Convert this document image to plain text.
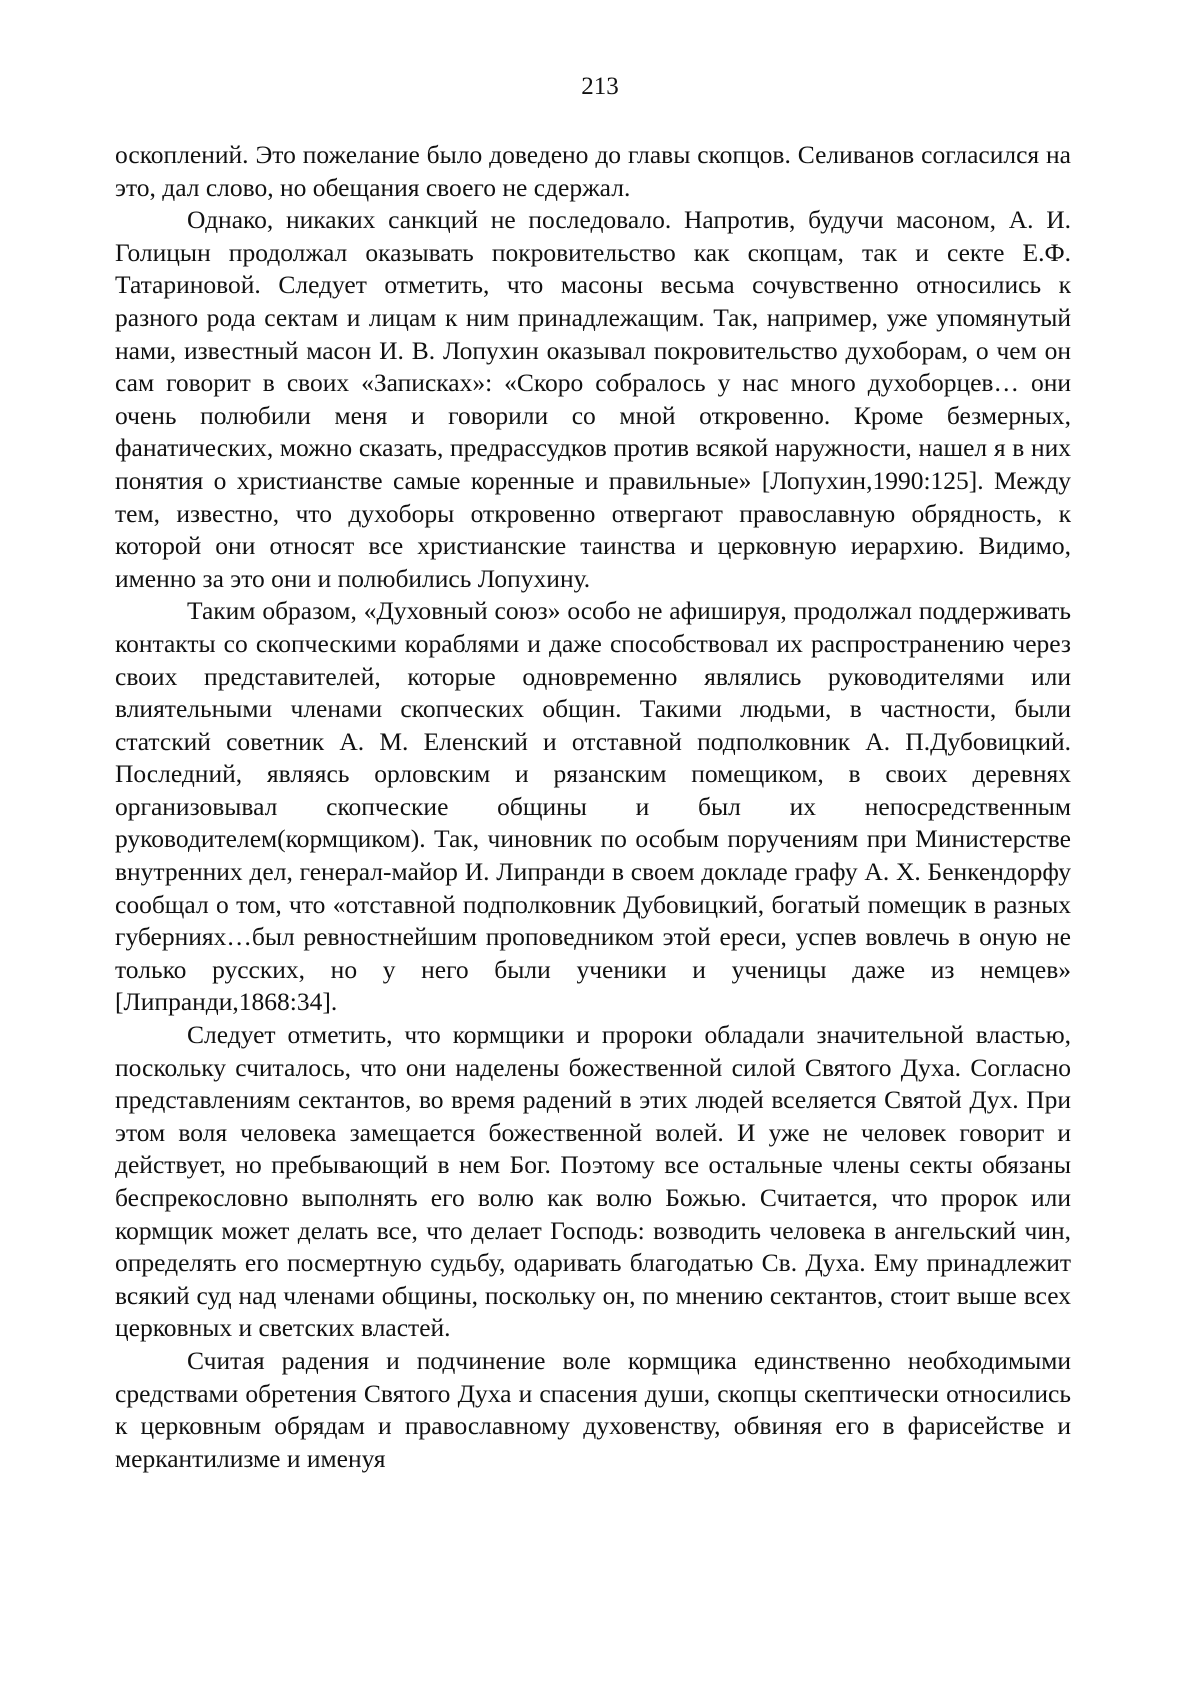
213

оскоплений. Это пожелание было доведено до главы скопцов. Селиванов согласился на это, дал слово, но обещания своего не сдержал.

Однако, никаких санкций не последовало. Напротив, будучи масоном, А. И. Голицын продолжал оказывать покровительство как скопцам, так и секте Е.Ф. Татариновой. Следует отметить, что масоны весьма сочувственно относились к разного рода сектам и лицам к ним принадлежащим. Так, например, уже упомянутый нами, известный масон И. В. Лопухин оказывал покровительство духоборам, о чем он сам говорит в своих «Записках»: «Скоро собралось у нас много духоборцев… они очень полюбили меня и говорили со мной откровенно. Кроме безмерных, фанатических, можно сказать, предрассудков против всякой наружности, нашел я в них понятия о христианстве самые коренные и правильные» [Лопухин,1990:125]. Между тем, известно, что духоборы откровенно отвергают православную обрядность, к которой они относят все христианские таинства и церковную иерархию. Видимо, именно за это они и полюбились Лопухину.

Таким образом, «Духовный союз» особо не афишируя, продолжал поддерживать контакты со скопческими кораблями и даже способствовал их распространению через своих представителей, которые одновременно являлись руководителями или влиятельными членами скопческих общин. Такими людьми, в частности, были статский советник А. М. Еленский и отставной подполковник А. П.Дубовицкий. Последний, являясь орловским и рязанским помещиком, в своих деревнях организовывал скопческие общины и был их непосредственным руководителем(кормщиком). Так, чиновник по особым поручениям при Министерстве внутренних дел, генерал-майор И. Липранди в своем докладе графу А. Х. Бенкендорфу сообщал о том, что «отставной подполковник Дубовицкий, богатый помещик в разных губерниях…был ревностнейшим проповедником этой ереси, успев вовлечь в оную не только русских, но у него были ученики и ученицы даже из немцев» [Липранди,1868:34].

Следует отметить, что кормщики и пророки обладали значительной властью, поскольку считалось, что они наделены божественной силой Святого Духа. Согласно представлениям сектантов, во время радений в этих людей вселяется Святой Дух. При этом воля человека замещается божественной волей. И уже не человек говорит и действует, но пребывающий в нем Бог. Поэтому все остальные члены секты обязаны беспрекословно выполнять его волю как волю Божью. Считается, что пророк или кормщик может делать все, что делает Господь: возводить человека в ангельский чин, определять его посмертную судьбу, одаривать благодатью Св. Духа. Ему принадлежит всякий суд над членами общины, поскольку он, по мнению сектантов, стоит выше всех церковных и светских властей.

Считая радения и подчинение воле кормщика единственно необходимыми средствами обретения Святого Духа и спасения души, скопцы скептически относились к церковным обрядам и православному духовенству, обвиняя его в фарисействе и меркантилизме и именуя
